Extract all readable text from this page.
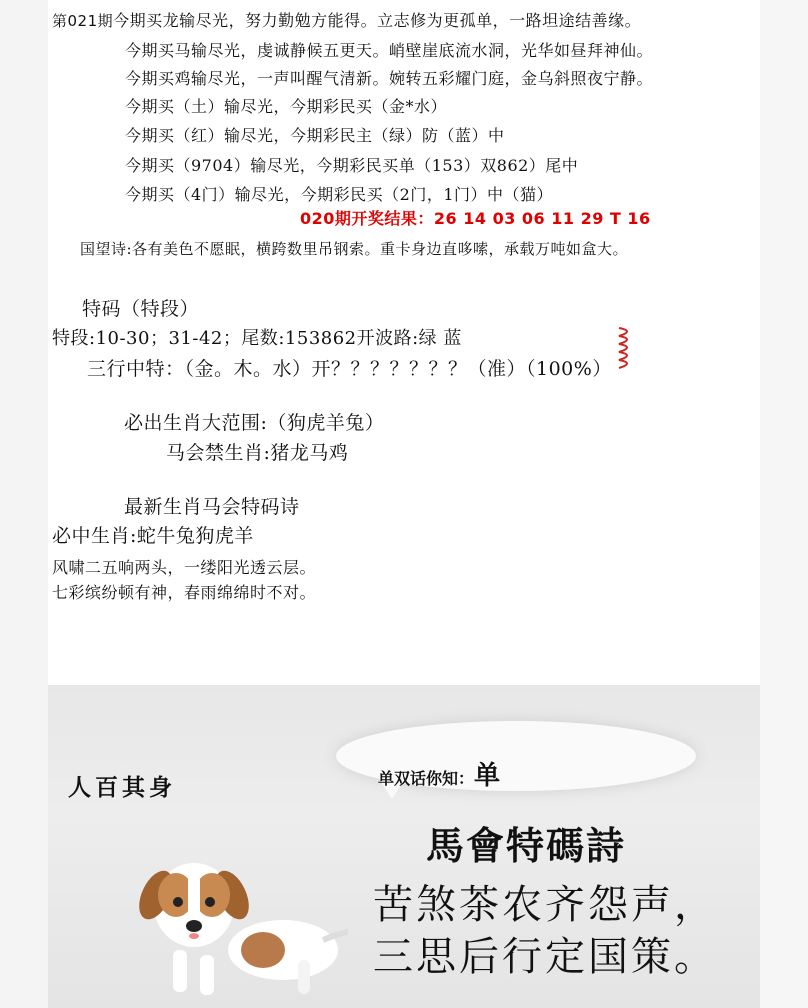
第021期今期买龙输尽光，努力勤勉方能得。立志修为更孤单，一路坦途结善缘。
今期买马输尽光，虔诚静候五更天。峭壁崖底流水洞，光华如昼拜神仙。
今期买鸡输尽光，一声叫醒气清新。婉转五彩耀门庭，金乌斜照夜宁静。
今期买（土）输尽光，今期彩民买（金*水）
今期买（红）输尽光，今期彩民主（绿）防（蓝）中
今期买（9704）输尽光，今期彩民买单（153）双862）尾中
今期买（4门）输尽光，今期彩民买（2门，1门）中（猫）
020期开奖结果：26 14 03 06 11 29 T 16
国望诗:各有美色不愿眠，横跨数里吊钢索。重卡身边直哆嗦，承载万吨如盒大。
特码（特段）
特段:10-30；31-42；尾数:153862开波路:绿 蓝
三行中特：（金。木。水）开？？？？？？？（准）（100%）
必出生肖大范围:（狗虎羊兔）
马会禁生肖:猪龙马鸡
最新生肖马会特码诗
必中生肖:蛇牛兔狗虎羊
风啸二五响两头，一缕阳光透云层。
七彩缤纷顿有神，春雨绵绵时不对。
单双话你知：单
人百其身
馬會特碼詩
苦煞茶农齐怨声，
三思后行定国策。
